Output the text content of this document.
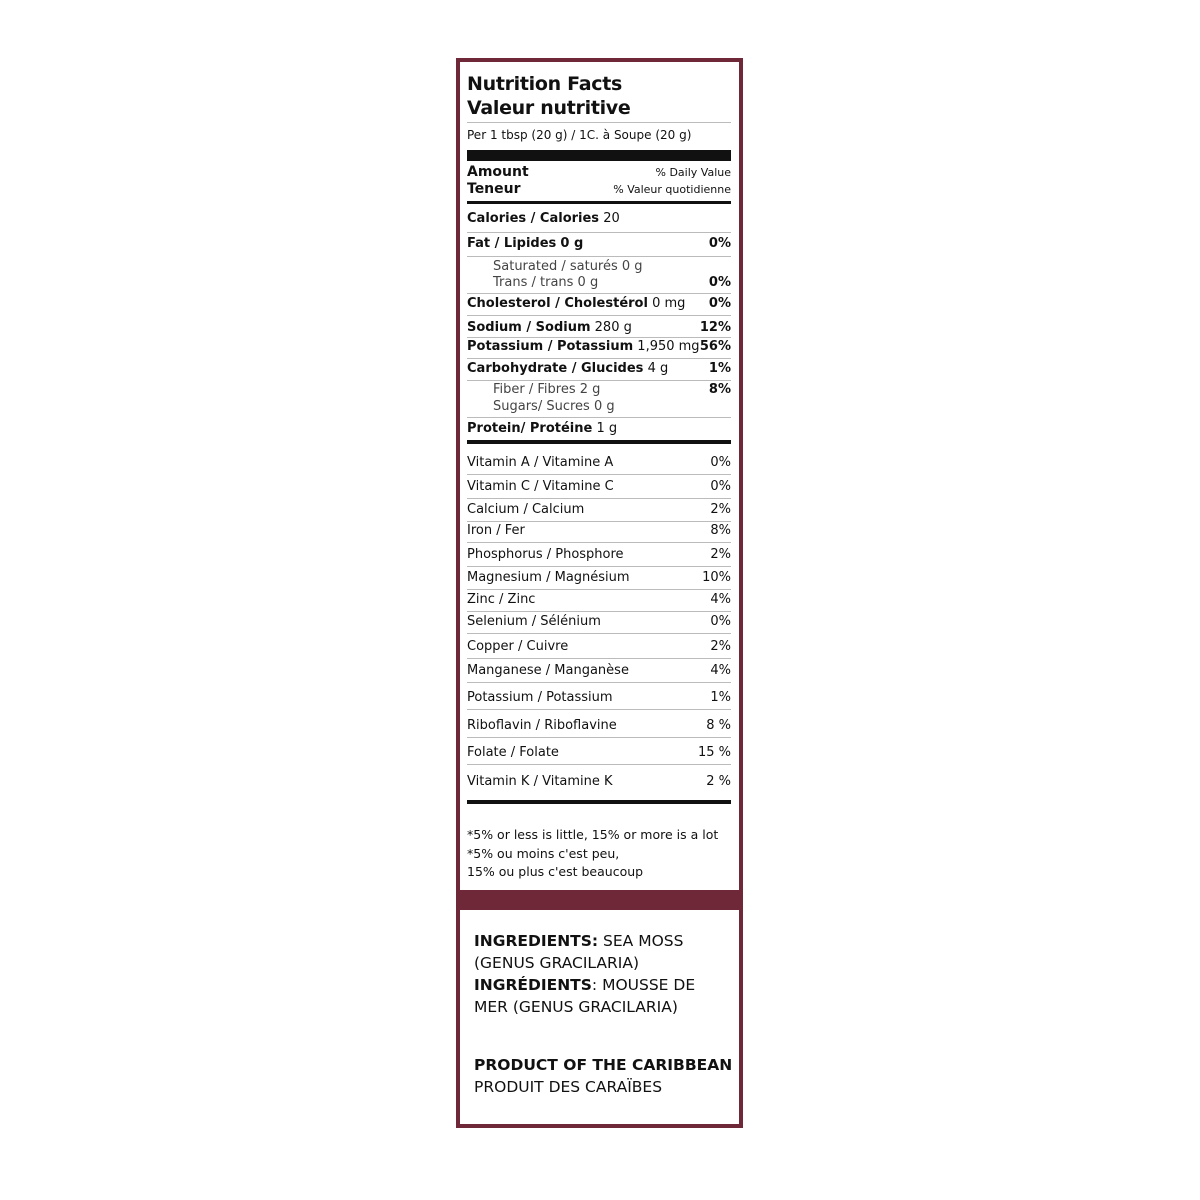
Nutrition Facts
Valeur nutritive
Per 1 tbsp (20 g) / 1C. à Soupe (20 g)
Amount
Teneur
% Daily Value
% Valeur quotidienne
Calories / Calories 20
Fat / Lipides 0 g	0%
Saturated / saturés 0 g
Trans / trans 0 g	0%
Cholesterol / Cholestérol 0 mg 0%
Sodium / Sodium 280 g	12%
Potassium / Potassium 1,950 mg 56%
Carbohydrate / Glucides 4 g	1%
Fiber / Fibres 2 g	8%
Sugars/ Sucres 0 g
Protein/ Protéine 1 g
Vitamin A / Vitamine A	0%
Vitamin C / Vitamine C	0%
Calcium / Calcium	2%
Iron / Fer	8%
Phosphorus / Phosphore	2%
Magnesium / Magnésium	10%
Zinc / Zinc	4%
Selenium / Sélénium	0%
Copper / Cuivre	2%
Manganese / Manganèse	4%
Potassium / Potassium	1%
Riboflavin / Riboflavine	8 %
Folate / Folate	15 %
Vitamin K / Vitamine K	2 %
*5% or less is little, 15% or more is a lot
*5% ou moins c'est peu,
15% ou plus c'est beaucoup
INGREDIENTS: SEA MOSS (GENUS GRACILARIA)
INGRÉDIENTS: MOUSSE DE MER (GENUS GRACILARIA)
PRODUCT OF THE CARIBBEAN
PRODUIT DES CARAÏBES
